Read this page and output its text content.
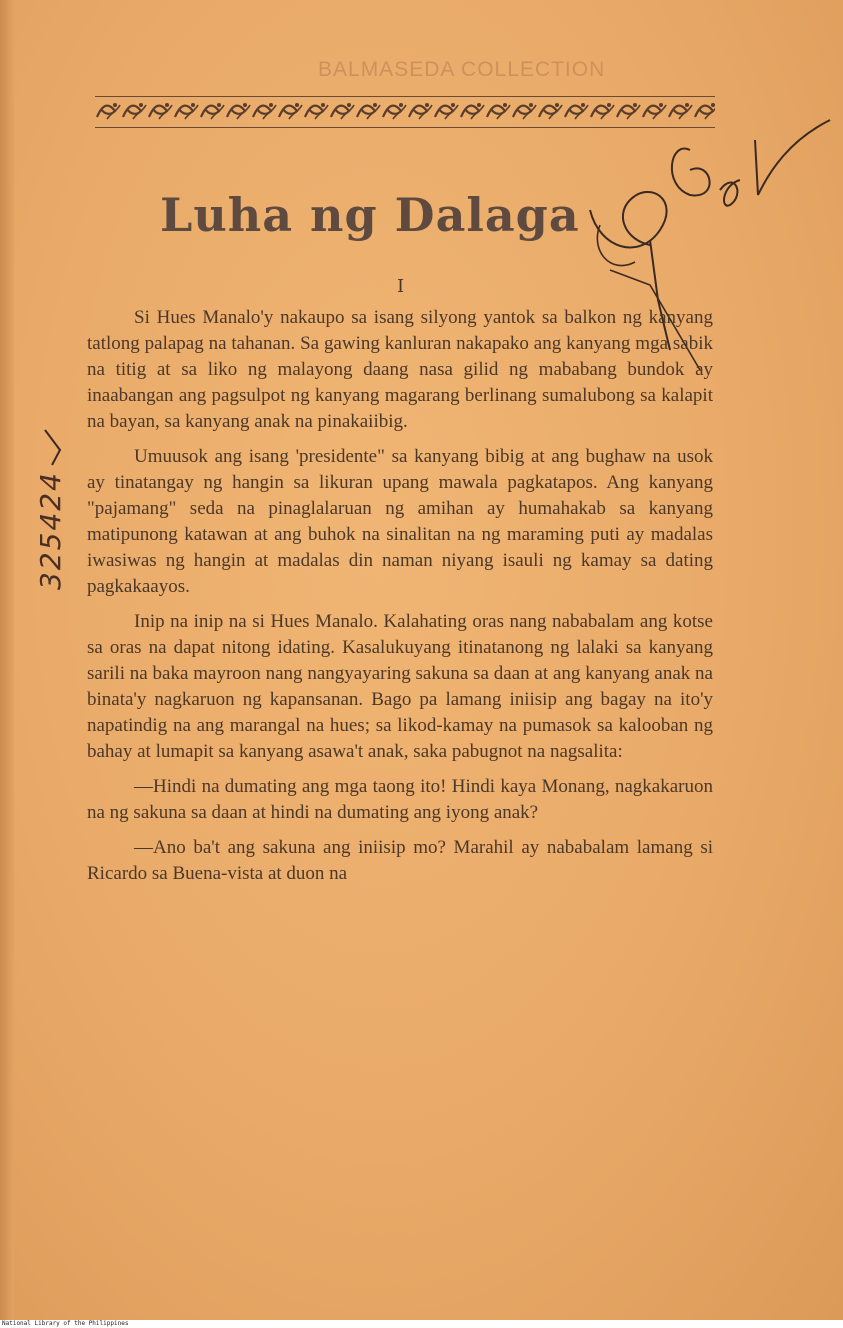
BALMASEDA COLLECTION
Luha ng Dalaga
I
325424

Si Hues Manalo'y nakaupo sa isang silyong yantok sa balkon ng kanyang tatlong palapag na tahanan. Sa gawing kanluran nakapako ang kanyang mga sabik na titig at sa liko ng malayong daang nasa gilid ng mababang bundok ay inaabangan ang pagsulpot ng kanyang magarang berlinang sumalubong sa kalapit na bayan, sa kanyang anak na pinakaiibig.

Umuusok ang isang 'presidente" sa kanyang bibig at ang bughaw na usok ay tinatangay ng hangin sa likuran upang mawala pagkatapos. Ang kanyang "pajamang" seda na pinaglalaruan ng amihan ay humahakab sa kanyang matipunong katawan at ang buhok na sinalitan na ng maraming puti ay madalas iwasiwas ng hangin at madalas din naman niyang isauli ng kamay sa dating pagkakaayos.

Inip na inip na si Hues Manalo. Kalahating oras nang nababalam ang kotse sa oras na dapat nitong idating. Kasalukuyang itinatanong ng lalaki sa kanyang sarili na baka mayroon nang nangyayaring sakuna sa daan at ang kanyang anak na binata'y nagkaruon ng kapansanan. Bago pa lamang iniisip ang bagay na ito'y napatindig na ang marangal na hues; sa likod-kamay na pumasok sa kalooban ng bahay at lumapit sa kanyang asawa't anak, saka pabugnot na nagsalita:

—Hindi na dumating ang mga taong ito! Hindi kaya Monang, nagkakaruon na ng sakuna sa daan at hindi na dumating ang iyong anak?

—Ano ba't ang sakuna ang iniisip mo? Marahil ay nababalam lamang si Ricardo sa Buena-vista at duon na

National Library of the Philippines
